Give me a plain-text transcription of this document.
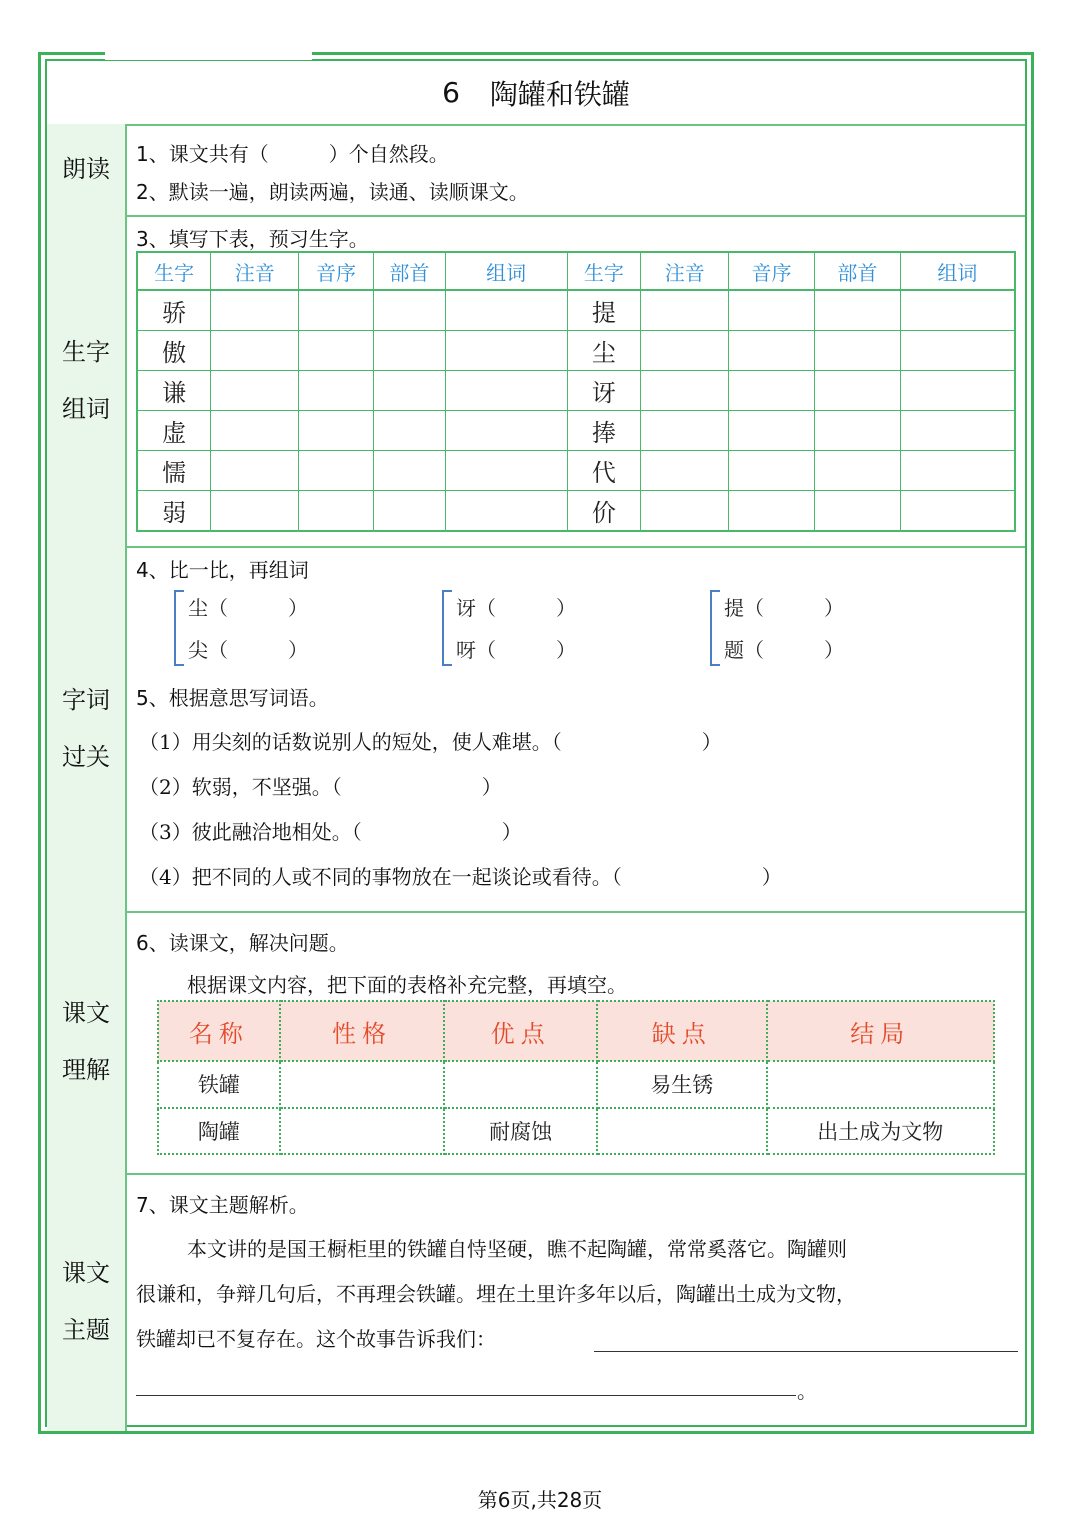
6 陶罐和铁罐
朗读
1、课文共有（　　　）个自然段。
2、默读一遍，朗读两遍，读通、读顺课文。
生字
组词
3、填写下表，预习生字。
生字	注音	音序	部首	组词	生字	注音	音序	部首	组词
骄					提				
傲					尘				
谦					讶				
虚					捧				
懦					代				
弱					价				
字词
过关
4、比一比，再组词
尘（　　　）
尖（　　　）
讶（　　　）
呀（　　　）
提（　　　）
题（　　　）
5、根据意思写词语。
（1）用尖刻的话数说别人的短处，使人难堪。（　　　　　　　）
（2）软弱，不坚强。（　　　　　　　）
（3）彼此融洽地相处。（　　　　　　　）
（4）把不同的人或不同的事物放在一起谈论或看待。（　　　　　　　）
课文
理解
6、读课文，解决问题。
根据课文内容，把下面的表格补充完整，再填空。
名称	性格	优点	缺点	结局
铁罐			易生锈	
陶罐		耐腐蚀		出土成为文物
课文
主题
7、课文主题解析。
本文讲的是国王橱柜里的铁罐自恃坚硬，瞧不起陶罐，常常奚落它。陶罐则
很谦和，争辩几句后，不再理会铁罐。埋在土里许多年以后，陶罐出土成为文物，
铁罐却已不复存在。这个故事告诉我们：
。
第6页,共28页
